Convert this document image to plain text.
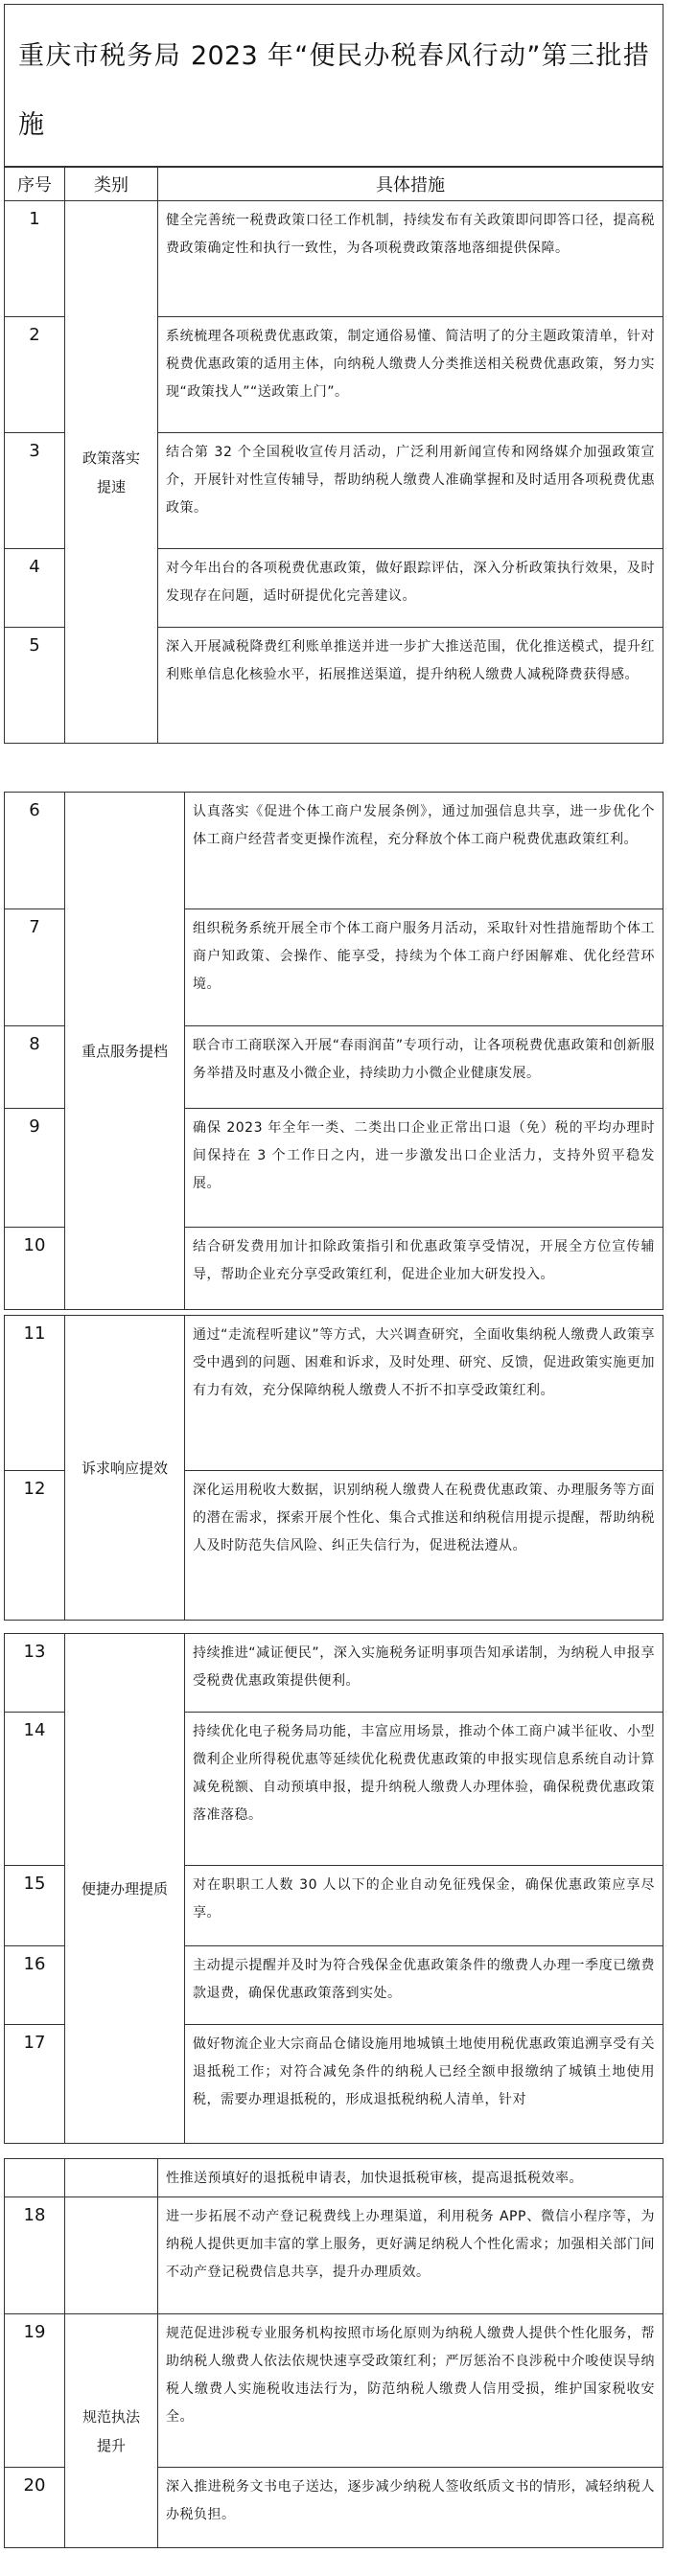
重庆市税务局 2023 年“便民办税春风行动”第三批措施
序号	类别	具体措施
1	政策落实提速	健全完善统一税费政策口径工作机制，持续发布有关政策即问即答口径，提高税费政策确定性和执行一致性，为各项税费政策落地落细提供保障。
2		系统梳理各项税费优惠政策，制定通俗易懂、简洁明了的分主题政策清单，针对税费优惠政策的适用主体，向纳税人缴费人分类推送相关税费优惠政策，努力实现“政策找人”“送政策上门”。
3		结合第 32 个全国税收宣传月活动，广泛利用新闻宣传和网络媒介加强政策宣介，开展针对性宣传辅导，帮助纳税人缴费人准确掌握和及时适用各项税费优惠政策。
4		对今年出台的各项税费优惠政策，做好跟踪评估，深入分析政策执行效果，及时发现存在问题，适时研提优化完善建议。
5		深入开展减税降费红利账单推送并进一步扩大推送范围，优化推送模式，提升红利账单信息化核验水平，拓展推送渠道，提升纳税人缴费人减税降费获得感。
6	重点服务提档	认真落实《促进个体工商户发展条例》，通过加强信息共享，进一步优化个体工商户经营者变更操作流程，充分释放个体工商户税费优惠政策红利。
7		组织税务系统开展全市个体工商户服务月活动，采取针对性措施帮助个体工商户知政策、会操作、能享受，持续为个体工商户纾困解难、优化经营环境。
8		联合市工商联深入开展“春雨润苗”专项行动，让各项税费优惠政策和创新服务举措及时惠及小微企业，持续助力小微企业健康发展。
9		确保 2023 年全年一类、二类出口企业正常出口退（免）税的平均办理时间保持在 3 个工作日之内，进一步激发出口企业活力，支持外贸平稳发展。
10		结合研发费用加计扣除政策指引和优惠政策享受情况，开展全方位宣传辅导，帮助企业充分享受政策红利，促进企业加大研发投入。
11	诉求响应提效	通过“走流程听建议”等方式，大兴调查研究，全面收集纳税人缴费人政策享受中遇到的问题、困难和诉求，及时处理、研究、反馈，促进政策实施更加有力有效，充分保障纳税人缴费人不折不扣享受政策红利。
12		深化运用税收大数据，识别纳税人缴费人在税费优惠政策、办理服务等方面的潜在需求，探索开展个性化、集合式推送和纳税信用提示提醒，帮助纳税人及时防范失信风险、纠正失信行为，促进税法遵从。
13	便捷办理提质	持续推进“减证便民”，深入实施税务证明事项告知承诺制，为纳税人申报享受税费优惠政策提供便利。
14		持续优化电子税务局功能，丰富应用场景，推动个体工商户减半征收、小型微利企业所得税优惠等延续优化税费优惠政策的申报实现信息系统自动计算减免税额、自动预填申报，提升纳税人缴费人办理体验，确保税费优惠政策落准落稳。
15		对在职职工人数 30 人以下的企业自动免征残保金，确保优惠政策应享尽享。
16		主动提示提醒并及时为符合残保金优惠政策条件的缴费人办理一季度已缴费款退费，确保优惠政策落到实处。
17		做好物流企业大宗商品仓储设施用地城镇土地使用税优惠政策追溯享受有关退抵税工作；对符合减免条件的纳税人已经全额申报缴纳了城镇土地使用税，需要办理退抵税的，形成退抵税纳税人清单，针对
		性推送预填好的退抵税申请表，加快退抵税审核，提高退抵税效率。
18		进一步拓展不动产登记税费线上办理渠道，利用税务 APP、微信小程序等，为纳税人提供更加丰富的掌上服务，更好满足纳税人个性化需求；加强相关部门间不动产登记税费信息共享，提升办理质效。
19	规范执法提升	规范促进涉税专业服务机构按照市场化原则为纳税人缴费人提供个性化服务，帮助纳税人缴费人依法依规快速享受政策红利；严厉惩治不良涉税中介唆使误导纳税人缴费人实施税收违法行为，防范纳税人缴费人信用受损，维护国家税收安全。
20		深入推进税务文书电子送达，逐步减少纳税人签收纸质文书的情形，减轻纳税人办税负担。
